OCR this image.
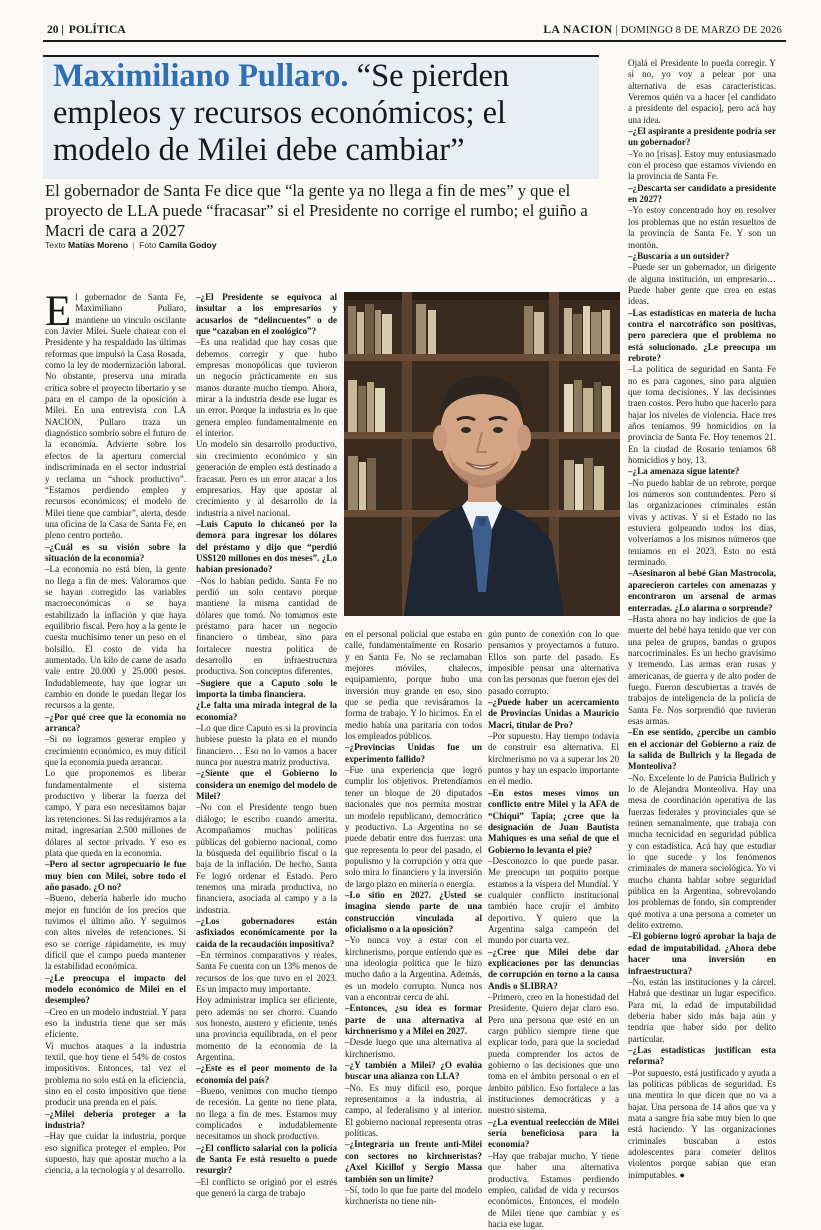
20 | POLÍTICA	LA NACION | DOMINGO 8 DE MARZO DE 2026
Maximiliano Pullaro. “Se pierden empleos y recursos económicos; el modelo de Milei debe cambiar”

El gobernador de Santa Fe dice que “la gente ya no llega a fin de mes” y que el proyecto de LLA puede “fracasar” si el Presidente no corrige el rumbo; el guiño a Macri de cara a 2027

Texto Matías Moreno | Foto Camila Godoy

El gobernador de Santa Fe, Maximiliano Pullaro, mantiene un vínculo oscilante con Javier Milei. Suele chatear con el Presidente y ha respaldado las últimas reformas que impulsó la Casa Rosada, como la ley de modernización laboral. No obstante, preserva una mirada crítica sobre el proyecto libertario y se para en el campo de la oposición a Milei. En una entrevista con LA NACION, Pullaro traza un diagnóstico sombrío sobre el futuro de la economía. Advierte sobre los efectos de la apertura comercial indiscriminada en el sector industrial y reclama un “shock productivo”. “Estamos perdiendo empleo y recursos económicos; el modelo de Milei tiene que cambiar”, alerta, desde una oficina de la Casa de Santa Fe, en pleno centro porteño.

–¿Cuál es su visión sobre la situación de la economía?

–La economía no está bien, la gente no llega a fin de mes. Valoramos que se hayan corregido las variables macroeconómicas o se haya estabilizado la inflación y que haya equilibrio fiscal. Pero hoy a la gente le cuesta muchísimo tener un peso en el bolsillo. El costo de vida ha aumentado. Un kilo de carne de asado vale entre 20.000 y 25.000 pesos. Indudablemente, hay que lograr un cambio en donde le puedan llegar los recursos a la gente.

–¿Por qué cree que la economía no arranca?

–Si no logramos generar empleo y crecimiento económico, es muy difícil que la economía pueda arrancar.

Lo que proponemos es liberar fundamentalmente el sistema productivo y liberar la fuerza del campo. Y para eso necesitamos bajar las retenciones. Si las redujéramos a la mitad, ingresarían 2.500 millones de dólares al sector privado. Y eso es plata que queda en la economía.

–Pero al sector agropecuario le fue muy bien con Milei, sobre todo el año pasado. ¿O no?

–Bueno, debería haberle ido mucho mejor en función de los precios que tuvimos el último año. Y seguimos con altos niveles de retenciones. Si eso se corrige rápidamente, es muy difícil que el campo pueda mantener la estabilidad económica.

–¿Le preocupa el impacto del modelo económico de Milei en el desempleo?

–Creo en un modelo industrial. Y para eso la industria tiene que ser más eficiente.

Vi muchos ataques a la industria textil, que hoy tiene el 54% de costos impositivos. Entonces, tal vez el problema no solo está en la eficiencia, sino en el costo impositivo que tiene producir una prenda en el país.

–¿Milei debería proteger a la industria?

–Hay que cuidar la industria, porque eso significa proteger el empleo. Por supuesto, hay que apostar mucho a la ciencia, a la tecnología y al desarrollo.

–¿El Presidente se equivoca al insultar a los empresarios y acusarlos de “delincuentes” o de que “cazaban en el zoológico”?

–Es una realidad que hay cosas que debemos corregir y que hubo empresas monopólicas que tuvieron un negocio prácticamente en sus manos durante mucho tiempo. Ahora, mirar a la industria desde ese lugar es un error. Porque la industria es lo que genera empleo fundamentalmente en el interior.

Un modelo sin desarrollo productivo, sin crecimiento económico y sin generación de empleo está destinado a fracasar. Pero es un error atacar a los empresarios. Hay que apostar al crecimiento y al desarrollo de la industria a nivel nacional.

–Luis Caputo lo chicaneó por la demora para ingresar los dólares del préstamo y dijo que “perdió US$120 millones en dos meses”. ¿Lo habían presionado?

–Nos lo habían pedido. Santa Fe no perdió un solo centavo porque mantiene la misma cantidad de dólares que tomó. No tomamos este préstamo para hacer un negocio financiero o timbear, sino para fortalecer nuestra política de desarrollo en infraestructura productiva. Son conceptos diferentes.

–Sugiere que a Caputo solo le importa la timba financiera.

¿Le falta una mirada integral de la economía?

–Lo que dice Caputo es si la provincia hubiese puesto la plata en el mundo financiero… Eso no lo vamos a hacer nunca por nuestra matriz productiva.

–¿Siente que el Gobierno lo considera un enemigo del modelo de Milei?

–No con el Presidente tengo buen diálogo; le escribo cuando amerita. Acompañamos muchas políticas públicas del gobierno nacional, como la búsqueda del equilibrio fiscal o la baja de la inflación. De hecho, Santa Fe logró ordenar el Estado. Pero tenemos una mirada productiva, no financiera, asociada al campo y a la industria.

–¿Los gobernadores están asfixiados económicamente por la caída de la recaudación impositiva?

–En términos comparativos y reales, Santa Fe cuenta con un 13% menos de recursos de los que tuvo en el 2023. Es un impacto muy importante.

Hoy administrar implica ser eficiente, pero además no ser chorro. Cuando sos honesto, austero y eficiente, tenés una provincia equilibrada, en el peor momento de la economía de la Argentina.

–¿Este es el peor momento de la economía del país?

–Bueno, venimos con mucho tiempo de recesión. La gente no tiene plata, no llega a fin de mes. Estamos muy complicados e indudablemente necesitamos un shock productivo.

–¿El conflicto salarial con la policía de Santa Fe está resuelto o puede resurgir?

–El conflicto se originó por el estrés que generó la carga de trabajo

en el personal policial que estaba en calle, fundamentalmente en Rosario y en Santa Fe. No se reclamaban mejores móviles, chalecos, equipamiento, porque hubo una inversión muy grande en eso, sino que se pedía que revisáramos la forma de trabajo. Y lo hicimos. En el medio había una paritaria con todos los empleados públicos.

–¿Provincias Unidas fue un experimento fallido?

–Fue una experiencia que logró cumplir los objetivos. Pretendíamos tener un bloque de 20 diputados nacionales que nos permita mostrar un modelo republicano, democrático y productivo. La Argentina no se puede debatir entre dos fuerzas: una que representa lo peor del pasado, el populismo y la corrupción y otra que solo mira lo financiero y la inversión de largo plazo en minería o energía.

–Lo sitio en 2027. ¿Usted se imagina siendo parte de una construcción vinculada al oficialismo o a la oposición?

–Yo nunca voy a estar con el kirchnerismo, porque entiendo que es una ideología política que le hizo mucho daño a la Argentina. Además, es un modelo corrupto. Nunca nos van a encontrar cerca de ahí.

–Entonces, ¿su idea es formar parte de una alternativa al kirchnerismo y a Milei en 2027.

–Desde luego que una alternativa al kirchnerismo.

–¿Y también a Milei? ¿O evalúa buscar una alianza con LLA?

–No. Es muy difícil eso, porque representamos a la industria, al campo, al federalismo y al interior. El gobierno nacional representa otras políticas.

–¿Integraría un frente anti-Milei con sectores no kirchneristas? ¿Axel Kicillof y Sergio Massa también son un límite?

–Sí, todo lo que fue parte del modelo kirchnerista no tiene nin-

gún punto de conexión con lo que pensamos y proyectamos a futuro. Ellos son parte del pasado. Es imposible pensar una alternativa con las personas que fueron ejes del pasado corrupto.

–¿Puede haber un acercamiento de Provincias Unidas a Mauricio Macri, titular de Pro?

–Por supuesto. Hay tiempo todavía de construir esa alternativa. El kirchnerismo no va a superar los 20 puntos y hay un espacio importante en el medio.

–En estos meses vimos un conflicto entre Milei y la AFA de “Chiqui” Tapia; ¿cree que la designación de Juan Bautista Mahiques es una señal de que el Gobierno lo levanta el pie?

–Desconozco lo que puede pasar. Me preocupo un poquito porque estamos a la víspera del Mundial. Y cualquier conflicto institucional también hace crujir el ámbito deportivo. Y quiero que la Argentina salga campeón del mundo por cuarta vez.

–¿Cree que Milei debe dar explicaciones por las denuncias de corrupción en torno a la causa Andis o $LIBRA?

–Primero, creo en la honestidad del Presidente. Quiero dejar claro eso. Pero una persona que esté en un cargo público siempre tiene que explicar todo, para que la sociedad pueda comprender los actos de gobierno o las decisiones que uno toma en el ámbito personal o en el ámbito público. Eso fortalece a las instituciones democráticas y a nuestro sistema.

–¿La eventual reelección de Milei sería beneficiosa para la economía?

–Hay que trabajar mucho. Y tiene que haber una alternativa productiva. Estamos perdiendo empleo, calidad de vida y recursos económicos. Entonces, el modelo de Milei tiene que cambiar y es hacia ese lugar.

Ojalá el Presidente lo pueda corregir. Y si no, yo voy a pelear por una alternativa de esas características. Veremos quién va a hacer [el candidato a presidente del espacio], pero acá hay una idea.

–¿El aspirante a presidente podría ser un gobernador?

–Yo no [risas]. Estoy muy entusiasmado con el proceso que estamos viviendo en la provincia de Santa Fe.

–¿Descarta ser candidato a presidente en 2027?

–Yo estoy concentrado hoy en resolver los problemas que no están resueltos de la provincia de Santa Fe. Y son un montón.

–¿Buscaría a un outsider?

–Puede ser un gobernador, un dirigente de alguna institución, un empresario… Puede haber gente que crea en estas ideas.

–Las estadísticas en materia de lucha contra el narcotráfico son positivas, pero pareciera que el problema no está solucionado. ¿Le preocupa un rebrote?

–La política de seguridad en Santa Fe no es para cagones, sino para alguien que toma decisiones. Y las decisiones traen costos. Pero hubo que hacerlo para bajar los niveles de violencia. Hace tres años teníamos 99 homicidios en la provincia de Santa Fe. Hoy tenemos 21. En la ciudad de Rosario teníamos 68 homicidios y hoy, 13.

–¿La amenaza sigue latente?

–No puedo hablar de un rebrote, porque los números son contundentes. Pero sí las organizaciones criminales están vivas y activas. Y si el Estado no las estuviera golpeando todos los días, volveríamos a los mismos números que teníamos en el 2023. Esto no está terminado.

–Asesinaron al bebé Gian Mastrocola, aparecieron carteles con amenazas y encontraron un arsenal de armas enterradas. ¿Lo alarma o sorprende?

–Hasta ahora no hay indicios de que la muerte del bebé haya tenido que ver con una pelea de grupos, bandas o grupos narcocriminales. Es un hecho gravísimo y tremendo. Las armas eran rusas y americanas, de guerra y de alto poder de fuego. Fueron descubiertas a través de trabajos de inteligencia de la policía de Santa Fe. Nos sorprendió que tuvieran esas armas.

–En ese sentido, ¿percibe un cambio en el accionar del Gobierno a raíz de la salida de Bullrich y la llegada de Monteoliva?

–No. Excelente lo de Patricia Bullrich y lo de Alejandra Monteoliva. Hay una mesa de coordinación operativa de las fuerzas federales y provinciales que se reúnen semanalmente, que trabaja con mucha tecnicidad en seguridad pública y con estadística. Acá hay que estudiar lo que sucede y los fenómenos criminales de manera sociológica. Yo vi mucho chanta hablar sobre seguridad pública en la Argentina, sobrevolando los problemas de fondo, sin comprender qué motiva a una persona a cometer un delito extremo.

–El gobierno logró aprobar la baja de edad de imputabilidad. ¿Ahora debe hacer una inversión en infraestructura?

–No, están las instituciones y la cárcel. Habrá que destinar un lugar específico. Para mí, la edad de imputabilidad debería haber sido más baja aún y tendría que haber sido por delito particular.

–¿Las estadísticas justifican esta reforma?

–Por supuesto, está justificado y ayuda a las políticas públicas de seguridad. Es una mentira lo que dicen que no va a bajar. Una persona de 14 años que va y mata a sangre fría sabe muy bien lo que está haciendo. Y las organizaciones criminales buscaban a estos adolescentes para cometer delitos violentos porque sabían que eran inimputables. ●
